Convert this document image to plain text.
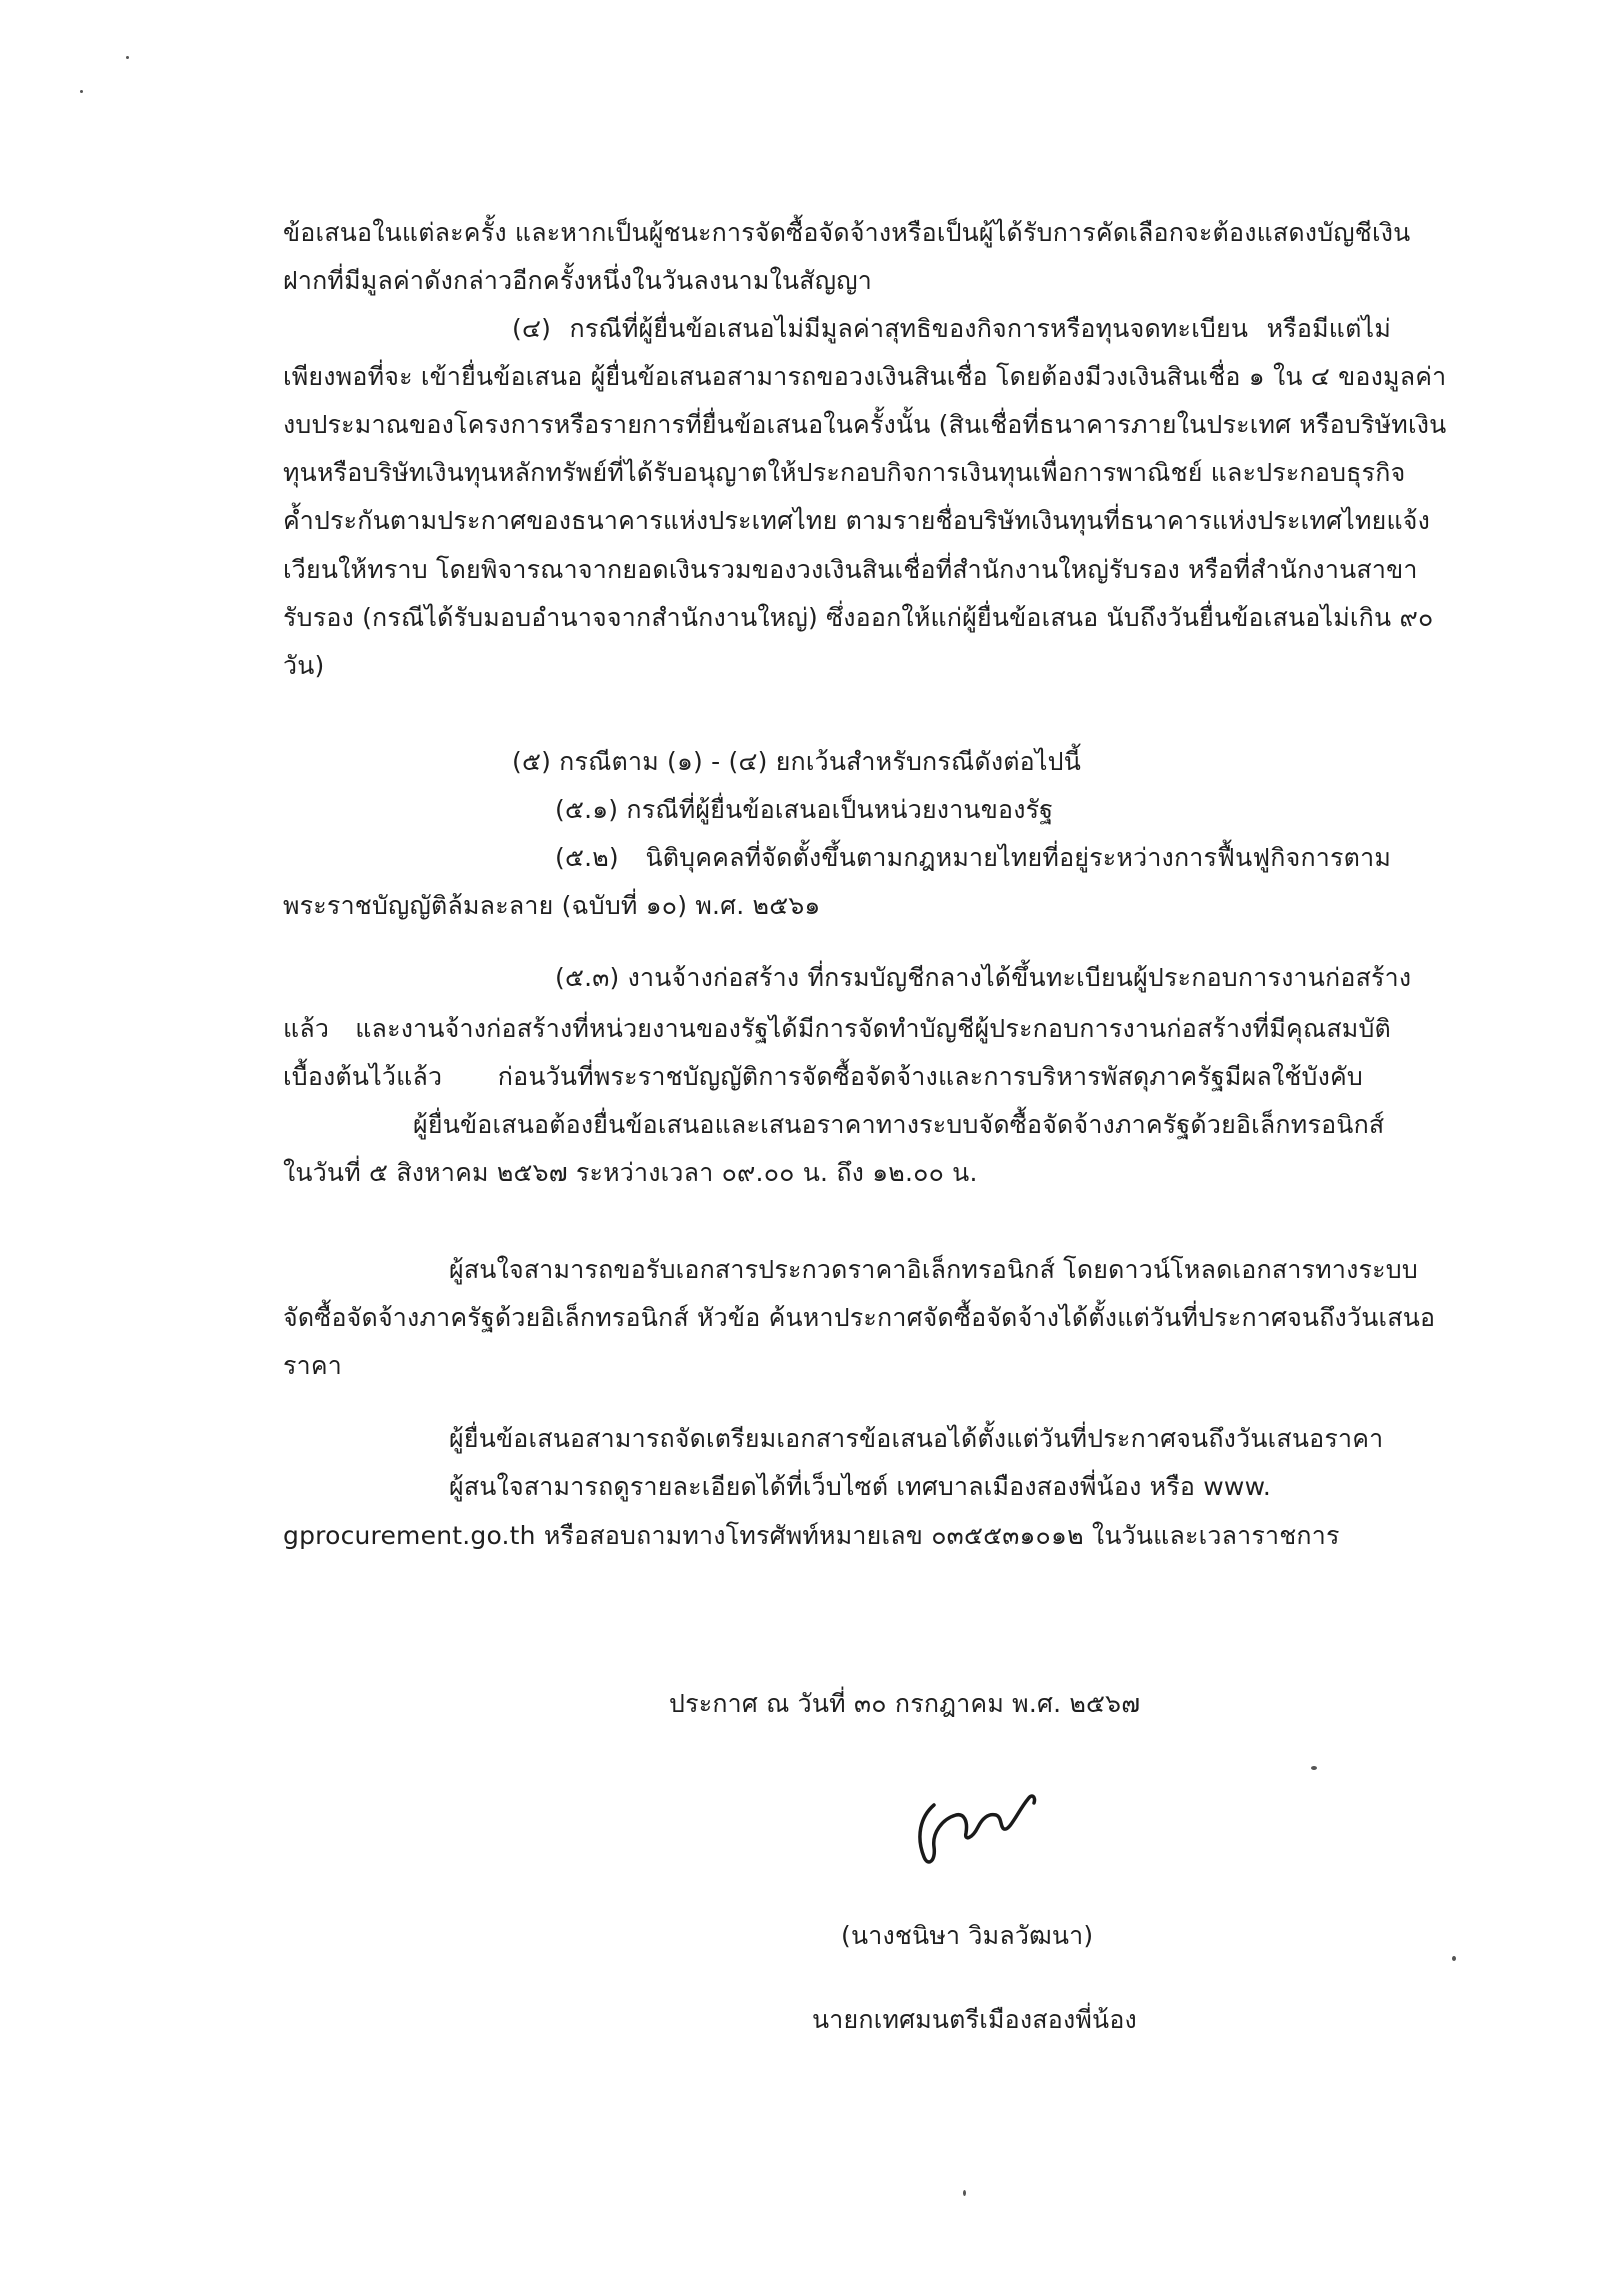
ข้อเสนอในแต่ละครั้ง และหากเป็นผู้ชนะการจัดซื้อจัดจ้างหรือเป็นผู้ได้รับการคัดเลือกจะต้องแสดงบัญชีเงิน
ฝากที่มีมูลค่าดังกล่าวอีกครั้งหนึ่งในวันลงนามในสัญญา
(๔) กรณีที่ผู้ยื่นข้อเสนอไม่มีมูลค่าสุทธิของกิจการหรือทุนจดทะเบียน หรือมีแต่ไม่
เพียงพอที่จะ เข้ายื่นข้อเสนอ ผู้ยื่นข้อเสนอสามารถขอวงเงินสินเชื่อ โดยต้องมีวงเงินสินเชื่อ ๑ ใน ๔ ของมูลค่า
งบประมาณของโครงการหรือรายการที่ยื่นข้อเสนอในครั้งนั้น (สินเชื่อที่ธนาคารภายในประเทศ หรือบริษัทเงิน
ทุนหรือบริษัทเงินทุนหลักทรัพย์ที่ได้รับอนุญาตให้ประกอบกิจการเงินทุนเพื่อการพาณิชย์ และประกอบธุรกิจ
ค้ำประกันตามประกาศของธนาคารแห่งประเทศไทย ตามรายชื่อบริษัทเงินทุนที่ธนาคารแห่งประเทศไทยแจ้ง
เวียนให้ทราบ โดยพิจารณาจากยอดเงินรวมของวงเงินสินเชื่อที่สำนักงานใหญ่รับรอง หรือที่สำนักงานสาขา
รับรอง (กรณีได้รับมอบอำนาจจากสำนักงานใหญ่) ซึ่งออกให้แก่ผู้ยื่นข้อเสนอ นับถึงวันยื่นข้อเสนอไม่เกิน ๙๐
วัน)
(๕) กรณีตาม (๑) - (๔) ยกเว้นสำหรับกรณีดังต่อไปนี้
(๕.๑) กรณีที่ผู้ยื่นข้อเสนอเป็นหน่วยงานของรัฐ
(๕.๒) นิติบุคคลที่จัดตั้งขึ้นตามกฎหมายไทยที่อยู่ระหว่างการฟื้นฟูกิจการตาม
พระราชบัญญัติล้มละลาย (ฉบับที่ ๑๐) พ.ศ. ๒๕๖๑
(๕.๓) งานจ้างก่อสร้าง ที่กรมบัญชีกลางได้ขึ้นทะเบียนผู้ประกอบการงานก่อสร้าง
แล้ว และงานจ้างก่อสร้างที่หน่วยงานของรัฐได้มีการจัดทำบัญชีผู้ประกอบการงานก่อสร้างที่มีคุณสมบัติ
เบื้องต้นไว้แล้ว ก่อนวันที่พระราชบัญญัติการจัดซื้อจัดจ้างและการบริหารพัสดุภาครัฐมีผลใช้บังคับ
ผู้ยื่นข้อเสนอต้องยื่นข้อเสนอและเสนอราคาทางระบบจัดซื้อจัดจ้างภาครัฐด้วยอิเล็กทรอนิกส์
ในวันที่ ๕ สิงหาคม ๒๕๖๗ ระหว่างเวลา ๐๙.๐๐ น. ถึง ๑๒.๐๐ น.
ผู้สนใจสามารถขอรับเอกสารประกวดราคาอิเล็กทรอนิกส์ โดยดาวน์โหลดเอกสารทางระบบ
จัดซื้อจัดจ้างภาครัฐด้วยอิเล็กทรอนิกส์ หัวข้อ ค้นหาประกาศจัดซื้อจัดจ้างได้ตั้งแต่วันที่ประกาศจนถึงวันเสนอ
ราคา
ผู้ยื่นข้อเสนอสามารถจัดเตรียมเอกสารข้อเสนอได้ตั้งแต่วันที่ประกาศจนถึงวันเสนอราคา
ผู้สนใจสามารถดูรายละเอียดได้ที่เว็บไซต์ เทศบาลเมืองสองพี่น้อง หรือ www.
gprocurement.go.th หรือสอบถามทางโทรศัพท์หมายเลข ๐๓๕๕๓๑๐๑๒ ในวันและเวลาราชการ
ประกาศ ณ วันที่ ๓๐ กรกฎาคม พ.ศ. ๒๕๖๗
(นางชนิษา วิมลวัฒนา)
นายกเทศมนตรีเมืองสองพี่น้อง
